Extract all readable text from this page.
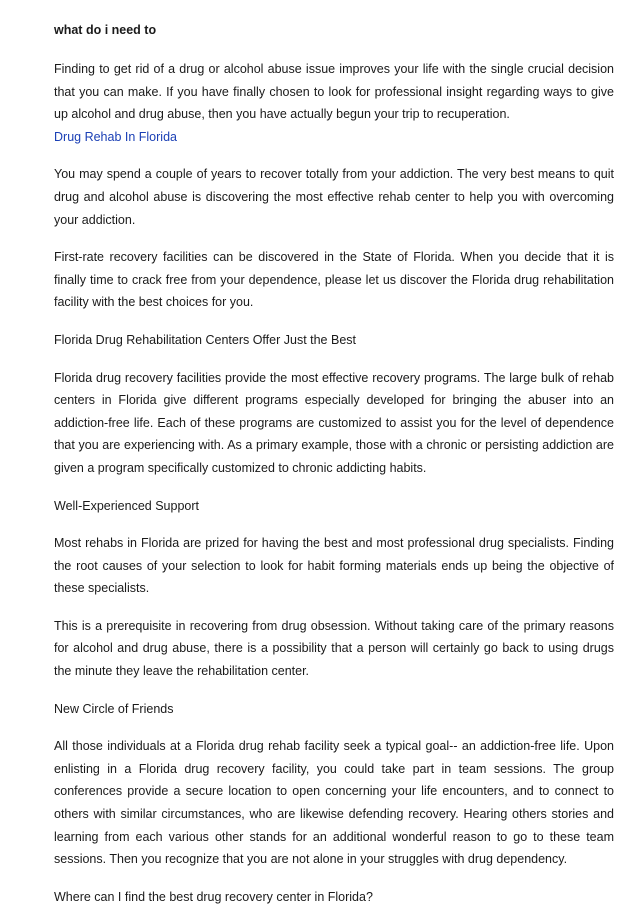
what do i need to
Finding to get rid of a drug or alcohol abuse issue improves your life with the single crucial decision that you can make. If you have finally chosen to look for professional insight regarding ways to give up alcohol and drug abuse, then you have actually begun your trip to recuperation.
Drug Rehab In Florida
You may spend a couple of years to recover totally from your addiction. The very best means to quit drug and alcohol abuse is discovering the most effective rehab center to help you with overcoming your addiction.
First-rate recovery facilities can be discovered in the State of Florida. When you decide that it is finally time to crack free from your dependence, please let us discover the Florida drug rehabilitation facility with the best choices for you.
Florida Drug Rehabilitation Centers Offer Just the Best
Florida drug recovery facilities provide the most effective recovery programs. The large bulk of rehab centers in Florida give different programs especially developed for bringing the abuser into an addiction-free life. Each of these programs are customized to assist you for the level of dependence that you are experiencing with. As a primary example, those with a chronic or persisting addiction are given a program specifically customized to chronic addicting habits.
Well-Experienced Support
Most rehabs in Florida are prized for having the best and most professional drug specialists. Finding the root causes of your selection to look for habit forming materials ends up being the objective of these specialists.
This is a prerequisite in recovering from drug obsession. Without taking care of the primary reasons for alcohol and drug abuse, there is a possibility that a person will certainly go back to using drugs the minute they leave the rehabilitation center.
New Circle of Friends
All those individuals at a Florida drug rehab facility seek a typical goal-- an addiction-free life. Upon enlisting in a Florida drug recovery facility, you could take part in team sessions. The group conferences provide a secure location to open concerning your life encounters, and to connect to others with similar circumstances, who are likewise defending recovery. Hearing others stories and learning from each various other stands for an additional wonderful reason to go to these team sessions. Then you recognize that you are not alone in your struggles with drug dependency.
Where can I find the best drug recovery center in Florida?
